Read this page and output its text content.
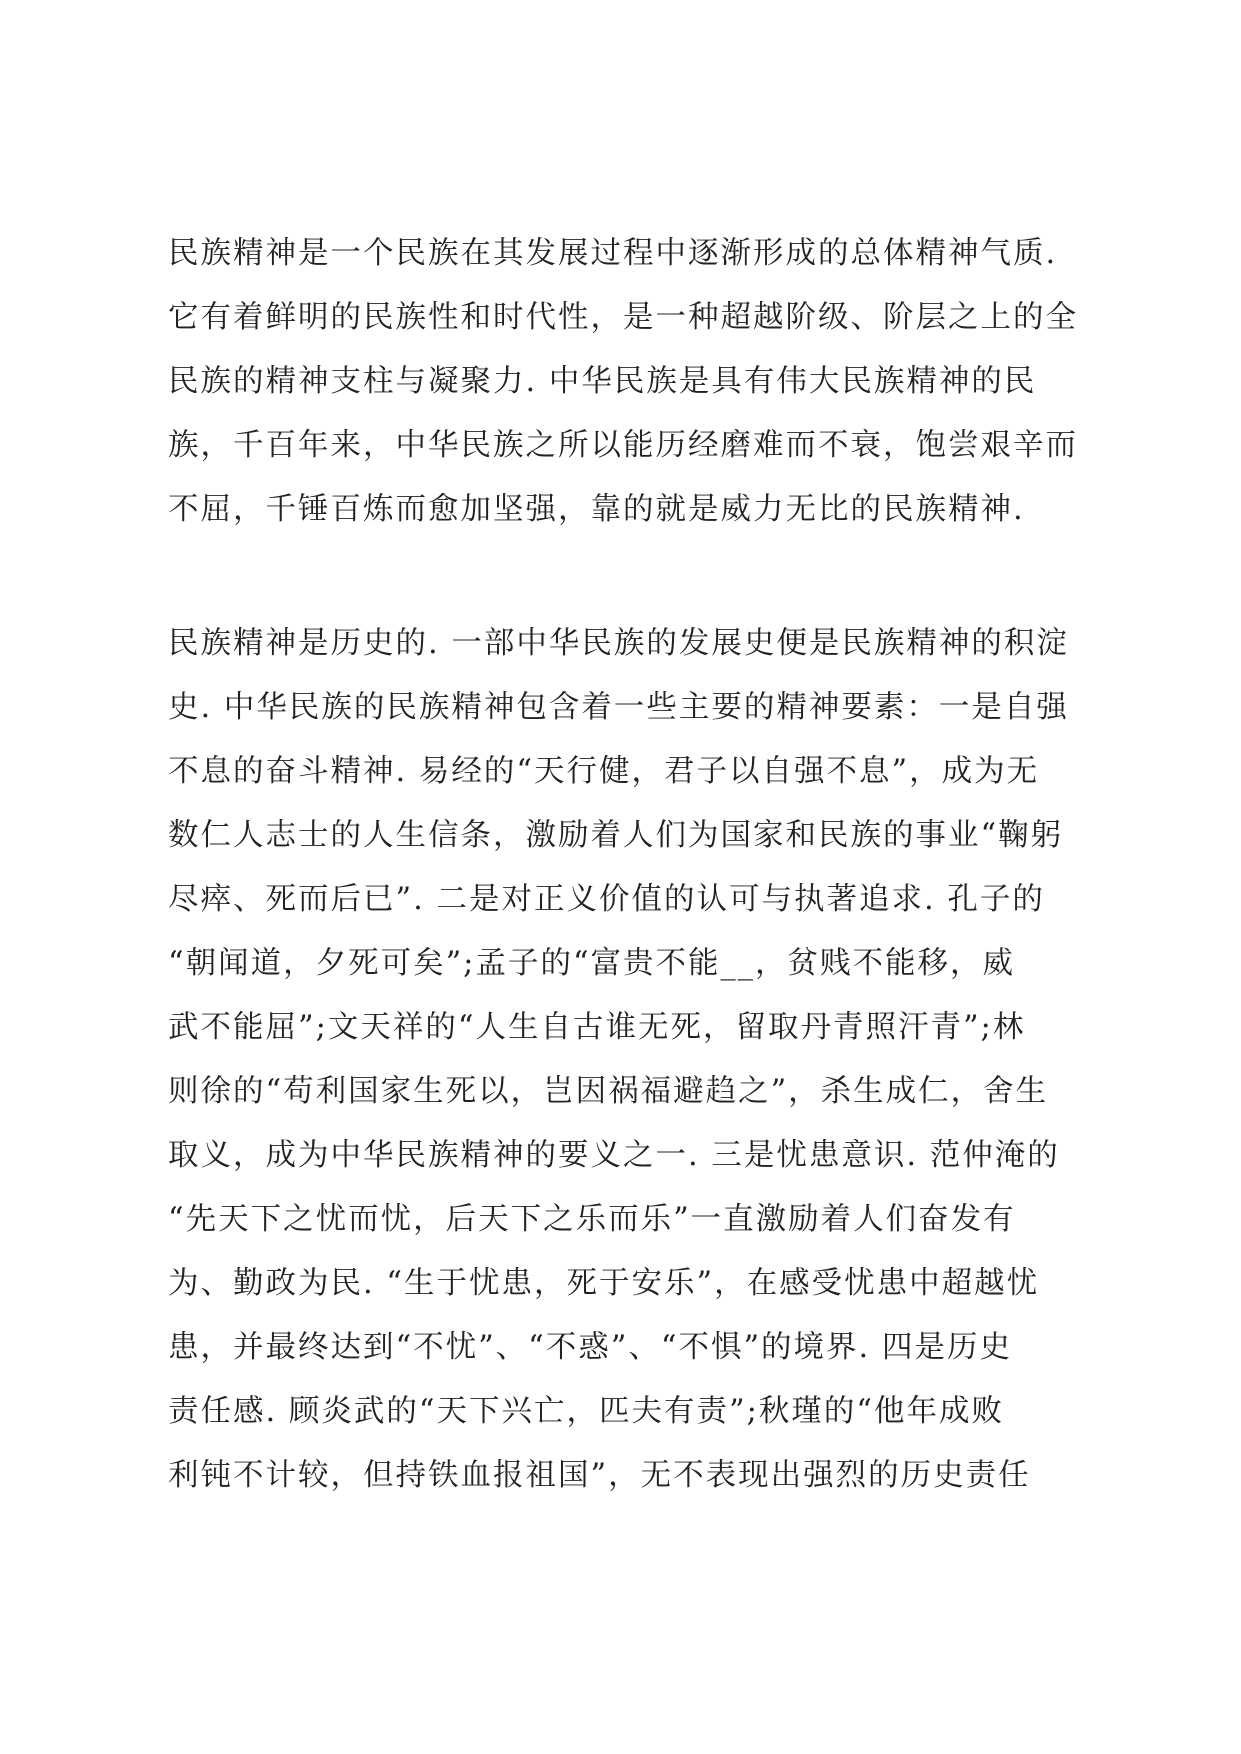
民族精神是一个民族在其发展过程中逐渐形成的总体精神气质.
它有着鲜明的民族性和时代性，是一种超越阶级、阶层之上的全
民族的精神支柱与凝聚力. 中华民族是具有伟大民族精神的民
族，千百年来，中华民族之所以能历经磨难而不衰，饱尝艰辛而
不屈，千锤百炼而愈加坚强，靠的就是威力无比的民族精神.
民族精神是历史的. 一部中华民族的发展史便是民族精神的积淀
史. 中华民族的民族精神包含着一些主要的精神要素：一是自强
不息的奋斗精神. 易经的“天行健，君子以自强不息”，成为无
数仁人志士的人生信条，激励着人们为国家和民族的事业“鞠躬
尽瘁、死而后已”. 二是对正义价值的认可与执著追求. 孔子的
“朝闻道，夕死可矣”;孟子的“富贵不能__，贫贱不能移，威
武不能屈”;文天祥的“人生自古谁无死，留取丹青照汗青”;林
则徐的“苟利国家生死以，岂因祸福避趋之”，杀生成仁，舍生
取义，成为中华民族精神的要义之一. 三是忧患意识. 范仲淹的
“先天下之忧而忧，后天下之乐而乐”一直激励着人们奋发有
为、勤政为民. “生于忧患，死于安乐”，在感受忧患中超越忧
患，并最终达到“不忧”、“不惑”、“不惧”的境界. 四是历史
责任感. 顾炎武的“天下兴亡，匹夫有责”;秋瑾的“他年成败
利钝不计较，但持铁血报祖国”，无不表现出强烈的历史责任
